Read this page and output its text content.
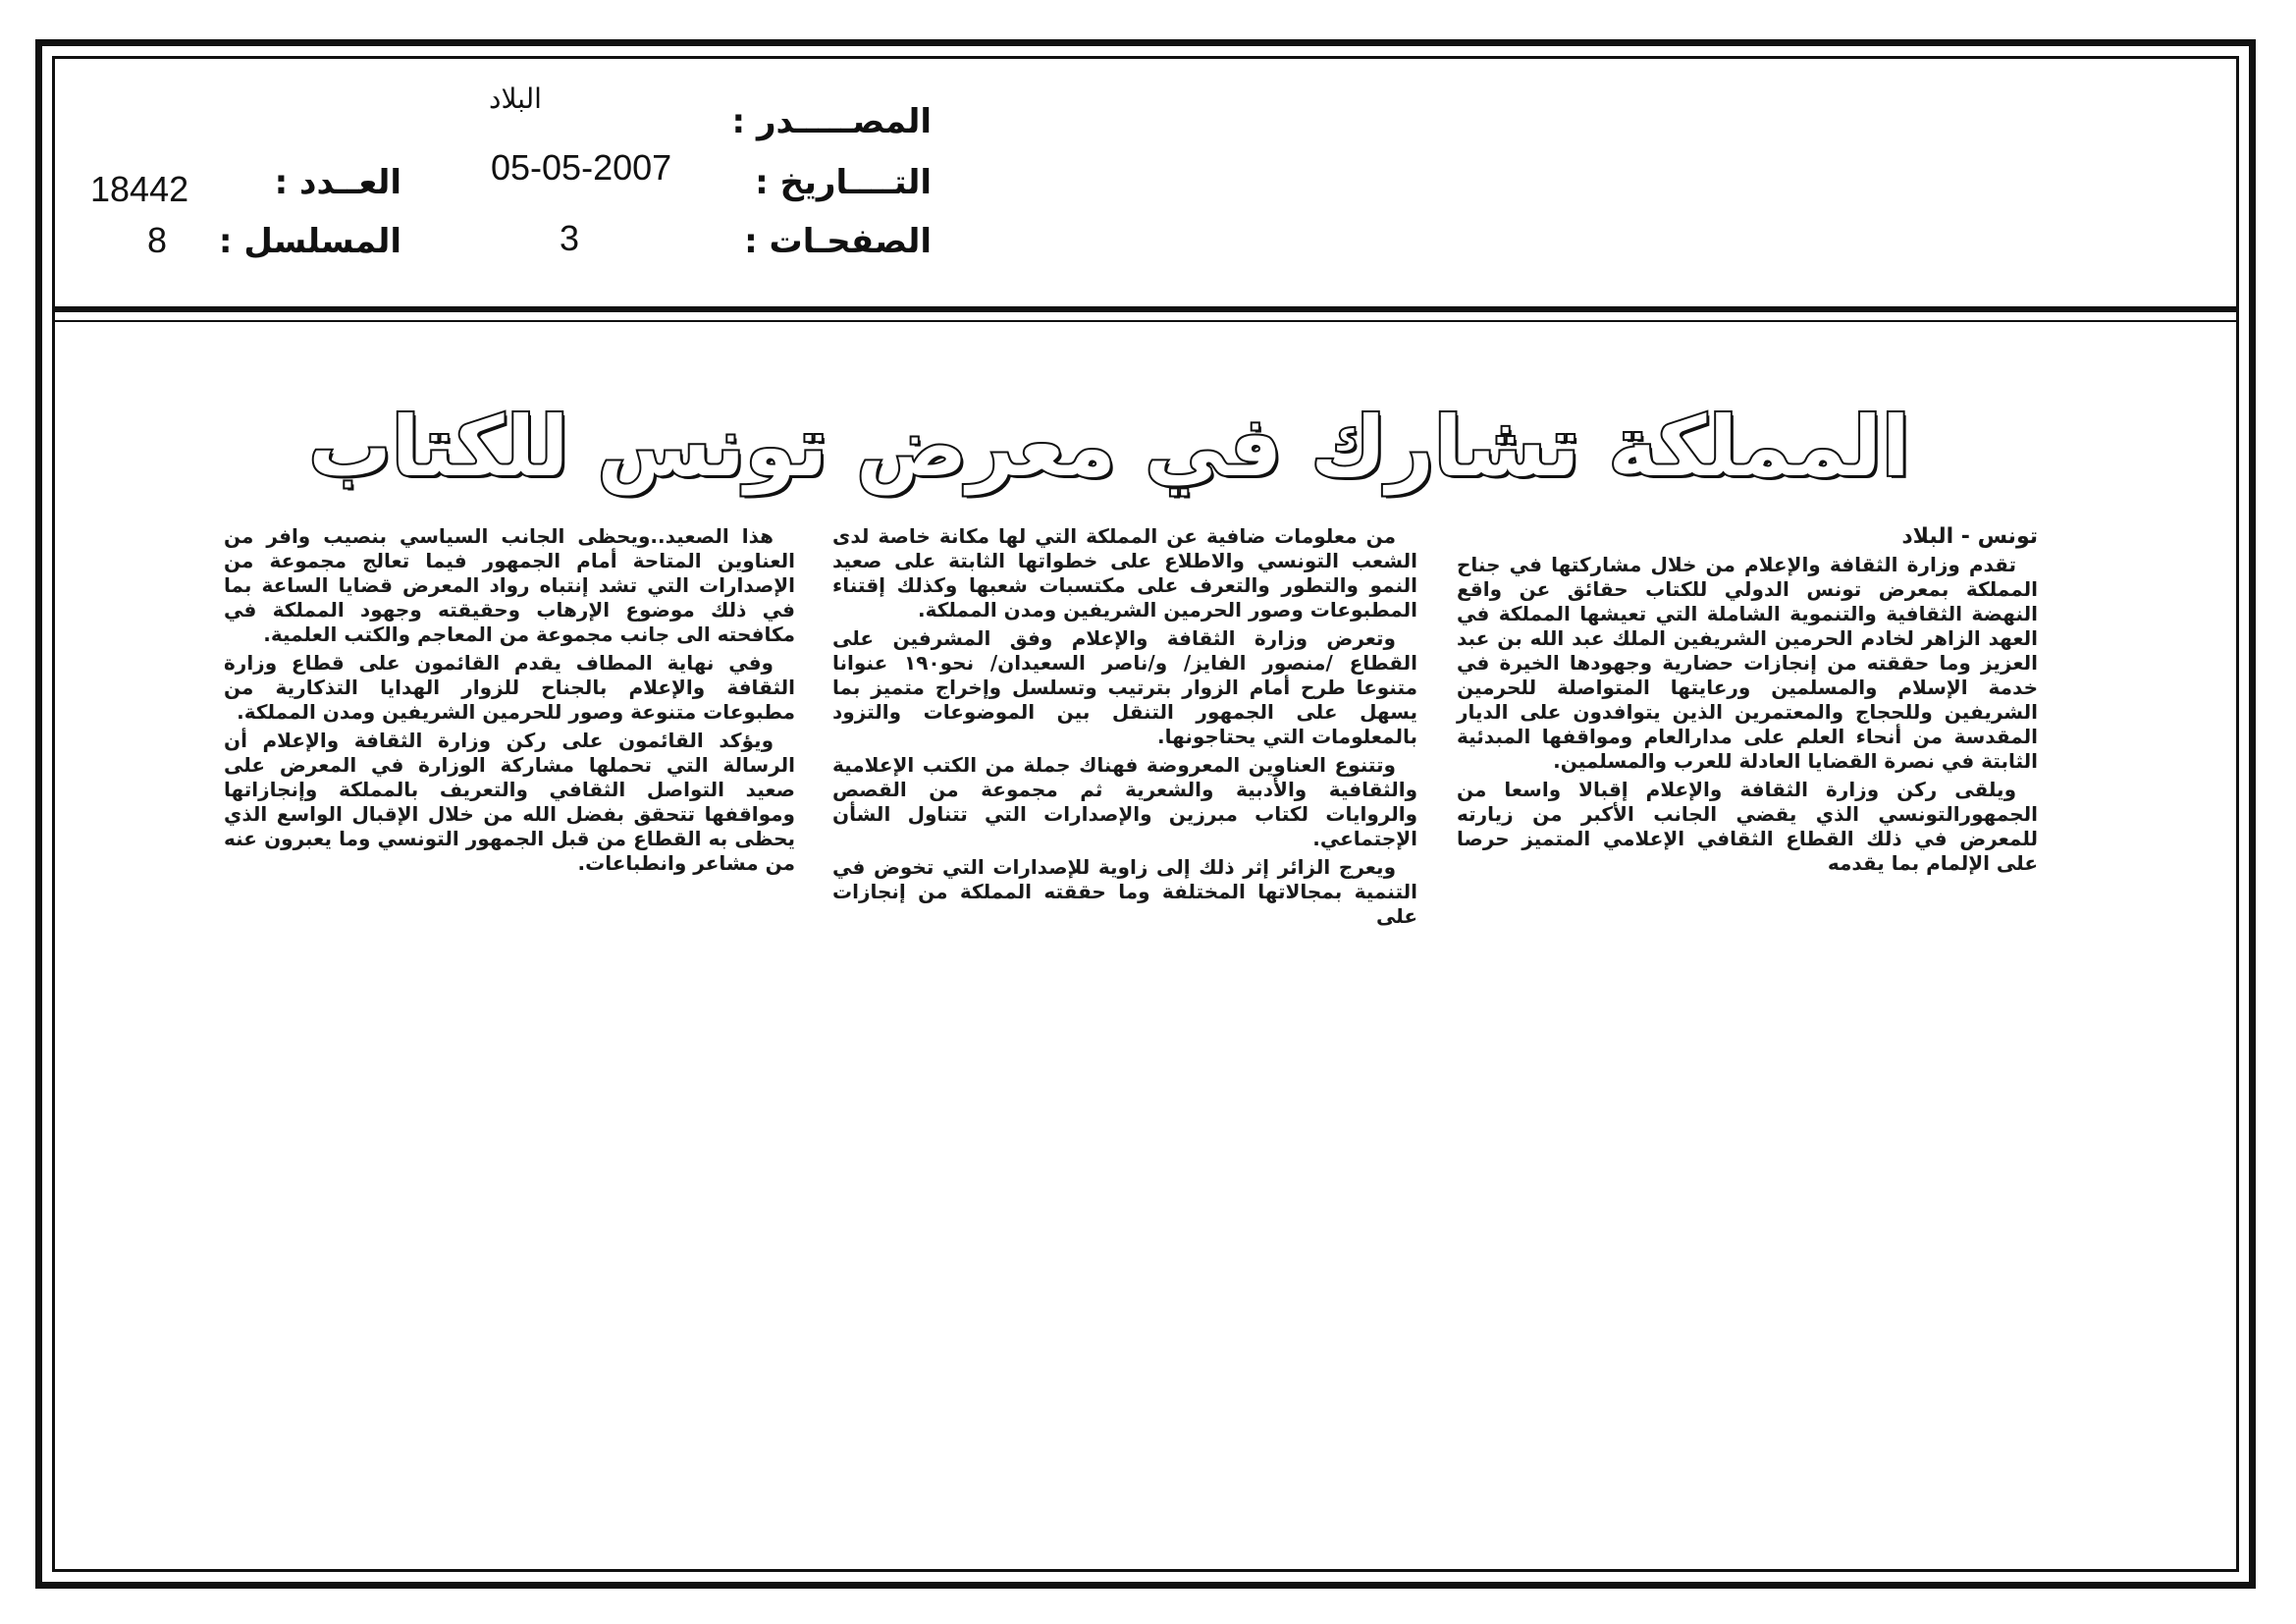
المصـــــدر :
البلاد
التــــاريخ :
05-05-2007
الصفحـات :
3
العــدد :
18442
المسلسل :
8
المملكة تشارك في معرض تونس للكتاب
تونس - البلاد

تقدم وزارة الثقافة والإعلام من خلال مشاركتها في جناح المملكة بمعرض تونس الدولي للكتاب حقائق عن واقع النهضة الثقافية والتنموية الشاملة التي تعيشها المملكة في العهد الزاهر لخادم الحرمين الشريفين الملك عبد الله بن عبد العزيز وما حققته من إنجازات حضارية وجهودها الخيرة في خدمة الإسلام والمسلمين ورعايتها المتواصلة للحرمين الشريفين وللحجاج والمعتمرين الذين يتوافدون على الديار المقدسة من أنحاء العلم على مدارالعام ومواقفها المبدئية الثابتة في نصرة القضايا العادلة للعرب والمسلمين.

ويلقى ركن وزارة الثقافة والإعلام إقبالا واسعا من الجمهورالتونسي الذي يقضي الجانب الأكبر من زيارته للمعرض في ذلك القطاع الثقافي الإعلامي المتميز حرصا على الإلمام بما يقدمه

من معلومات ضافية عن المملكة التي لها مكانة خاصة لدى الشعب التونسي والاطلاع على خطواتها الثابتة على صعيد النمو والتطور والتعرف على مكتسبات شعبها وكذلك إقتناء المطبوعات وصور الحرمين الشريفين ومدن المملكة.

وتعرض وزارة الثقافة والإعلام وفق المشرفين على القطاع /منصور الفايز/ و/ناصر السعيدان/ نحو١٩٠ عنوانا متنوعا طرح أمام الزوار بترتيب وتسلسل وإخراج متميز بما يسهل على الجمهور التنقل بين الموضوعات والتزود بالمعلومات التي يحتاجونها.

وتتنوع العناوين المعروضة فهناك جملة من الكتب الإعلامية والثقافية والأدبية والشعرية ثم مجموعة من القصص والروايات لكتاب مبرزين والإصدارات التي تتناول الشأن الإجتماعي.

ويعرج الزائر إثر ذلك إلى زاوية للإصدارات التي تخوض في التنمية بمجالاتها المختلفة وما حققته المملكة من إنجازات على

هذا الصعيد..ويحظى الجانب السياسي بنصيب وافر من العناوين المتاحة أمام الجمهور فيما تعالج مجموعة من الإصدارات التي تشد إنتباه رواد المعرض قضايا الساعة بما في ذلك موضوع الإرهاب وحقيقته وجهود المملكة في مكافحته الى جانب مجموعة من المعاجم والكتب العلمية.

وفي نهاية المطاف يقدم القائمون على قطاع وزارة الثقافة والإعلام بالجناح للزوار الهدايا التذكارية من مطبوعات متنوعة وصور للحرمين الشريفين ومدن المملكة.

ويؤكد القائمون على ركن وزارة الثقافة والإعلام أن الرسالة التي تحملها مشاركة الوزارة في المعرض على صعيد التواصل الثقافي والتعريف بالمملكة وإنجازاتها ومواقفها تتحقق بفضل الله من خلال الإقبال الواسع الذي يحظى به القطاع من قبل الجمهور التونسي وما يعبرون عنه من مشاعر وانطباعات.
